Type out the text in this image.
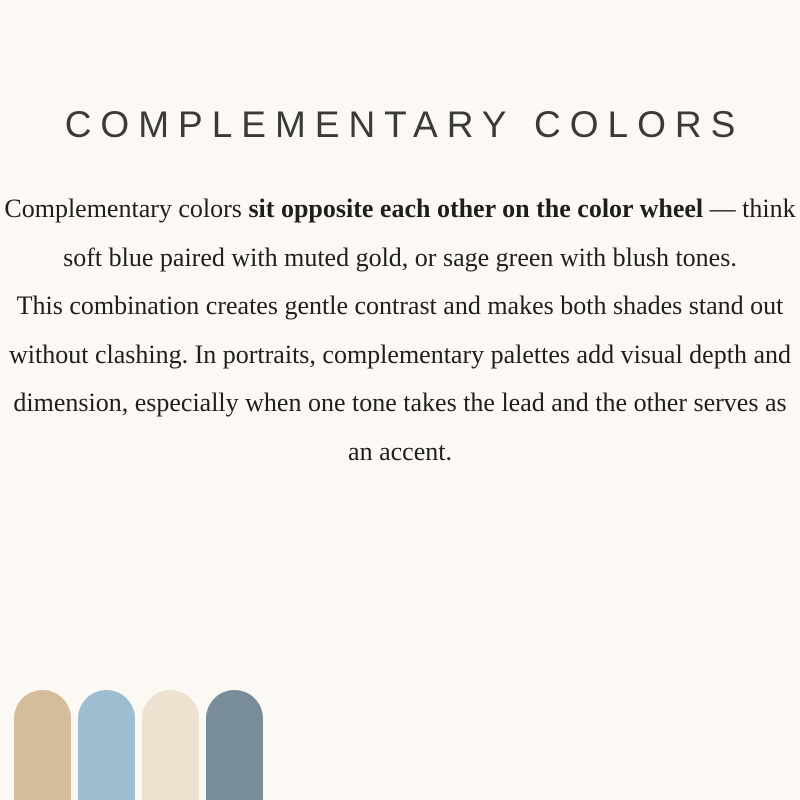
COMPLEMENTARY COLORS

Complementary colors sit opposite each other on the color wheel — think soft blue paired with muted gold, or sage green with blush tones.

This combination creates gentle contrast and makes both shades stand out without clashing. In portraits, complementary palettes add visual depth and dimension, especially when one tone takes the lead and the other serves as an accent.
